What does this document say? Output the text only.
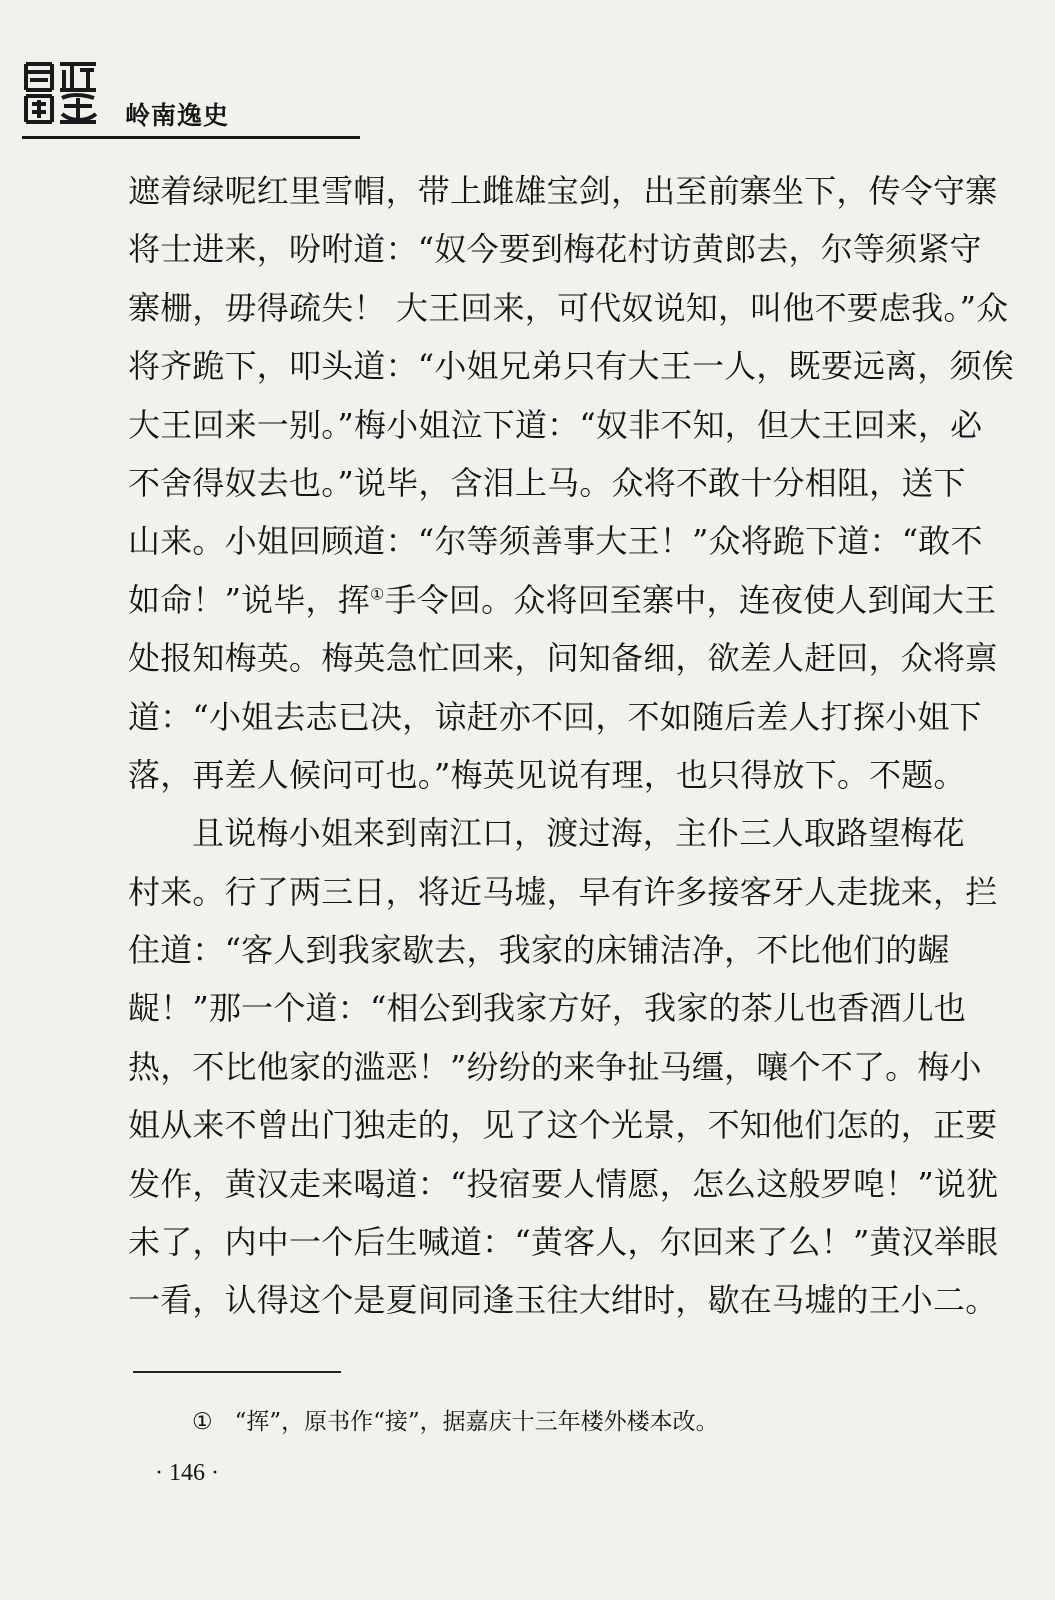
岭南逸史
遮着绿呢红里雪帽，带上雌雄宝剑，出至前寨坐下，传令守寨
将士进来，吩咐道：“奴今要到梅花村访黄郎去，尔等须紧守
寨栅，毋得疏失！ 大王回来，可代奴说知，叫他不要虑我。”众
将齐跪下，叩头道：“小姐兄弟只有大王一人，既要远离，须俟
大王回来一别。”梅小姐泣下道：“奴非不知，但大王回来，必
不舍得奴去也。”说毕，含泪上马。众将不敢十分相阻，送下
山来。小姐回顾道：“尔等须善事大王！”众将跪下道：“敢不
如命！”说毕，挥①手令回。众将回至寨中，连夜使人到闻大王
处报知梅英。梅英急忙回来，问知备细，欲差人赶回，众将禀
道：“小姐去志已决，谅赶亦不回，不如随后差人打探小姐下
落，再差人候问可也。”梅英见说有理，也只得放下。不题。
且说梅小姐来到南江口，渡过海，主仆三人取路望梅花
村来。行了两三日，将近马墟，早有许多接客牙人走拢来，拦
住道：“客人到我家歇去，我家的床铺洁净，不比他们的龌
龊！”那一个道：“相公到我家方好，我家的茶儿也香酒儿也
热，不比他家的滥恶！”纷纷的来争扯马缰，嚷个不了。梅小
姐从来不曾出门独走的，见了这个光景，不知他们怎的，正要
发作，黄汉走来喝道：“投宿要人情愿，怎么这般罗唣！”说犹
未了，内中一个后生喊道：“黄客人，尔回来了么！”黄汉举眼
一看，认得这个是夏间同逢玉往大绀时，歇在马墟的王小二。
① “挥”，原书作“接”，据嘉庆十三年楼外楼本改。
· 146 ·
